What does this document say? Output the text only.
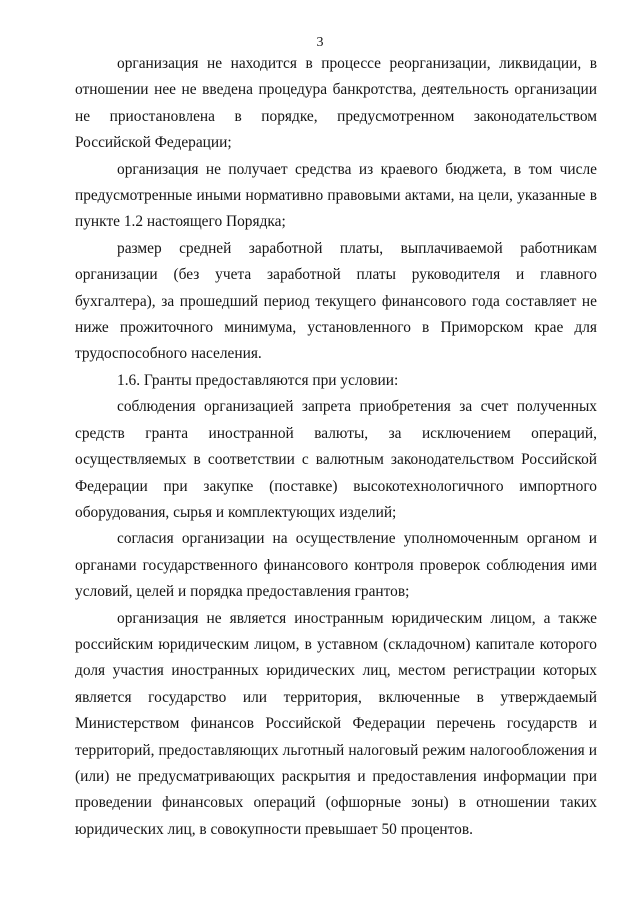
3

организация не находится в процессе реорганизации, ликвидации, в отношении нее не введена процедура банкротства, деятельность организации не приостановлена в порядке, предусмотренном законодательством Российской Федерации;

организация не получает средства из краевого бюджета, в том числе предусмотренные иными нормативно правовыми актами, на цели, указанные в пункте 1.2 настоящего Порядка;

размер средней заработной платы, выплачиваемой работникам организации (без учета заработной платы руководителя и главного бухгалтера), за прошедший период текущего финансового года составляет не ниже прожиточного минимума, установленного в Приморском крае для трудоспособного населения.

1.6. Гранты предоставляются при условии:

соблюдения организацией запрета приобретения за счет полученных средств гранта иностранной валюты, за исключением операций, осуществляемых в соответствии с валютным законодательством Российской Федерации при закупке (поставке) высокотехнологичного импортного оборудования, сырья и комплектующих изделий;

согласия организации на осуществление уполномоченным органом и органами государственного финансового контроля проверок соблюдения ими условий, целей и порядка предоставления грантов;

организация не является иностранным юридическим лицом, а также российским юридическим лицом, в уставном (складочном) капитале которого доля участия иностранных юридических лиц, местом регистрации которых является государство или территория, включенные в утверждаемый Министерством финансов Российской Федерации перечень государств и территорий, предоставляющих льготный налоговый режим налогообложения и (или) не предусматривающих раскрытия и предоставления информации при проведении финансовых операций (офшорные зоны) в отношении таких юридических лиц, в совокупности превышает 50 процентов.
